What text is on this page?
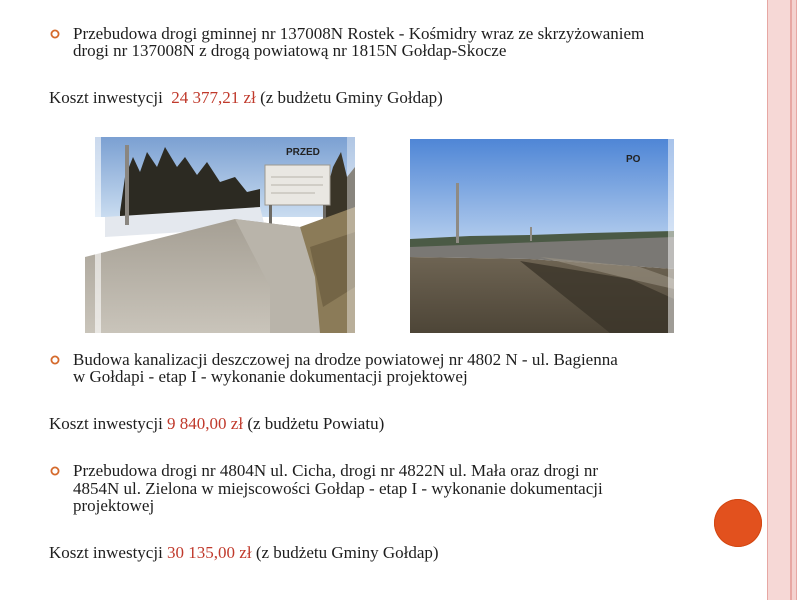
Przebudowa drogi gminnej nr 137008N Rostek - Kośmidry wraz ze skrzyżowaniem
drogi nr 137008N z drogą powiatową nr 1815N Gołdap-Skocze
Koszt inwestycji  24 377,21 zł (z budżetu Gminy Gołdap)
PRZED
PO
Budowa kanalizacji deszczowej na drodze powiatowej nr 4802 N - ul. Bagienna
w Gołdapi - etap I - wykonanie dokumentacji projektowej
Koszt inwestycji 9 840,00 zł (z budżetu Powiatu)
Przebudowa drogi nr 4804N ul. Cicha, drogi nr 4822N ul. Mała oraz drogi nr
4854N ul. Zielona w miejscowości Gołdap - etap I - wykonanie dokumentacji
projektowej
Koszt inwestycji 30 135,00 zł (z budżetu Gminy Gołdap)
